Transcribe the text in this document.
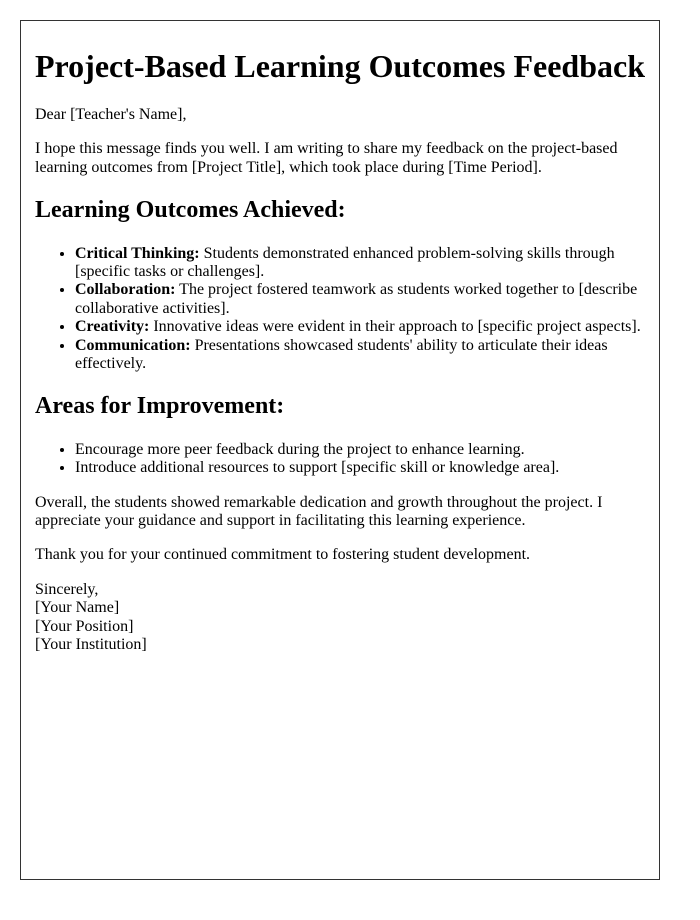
Project-Based Learning Outcomes Feedback

Dear [Teacher's Name],

I hope this message finds you well. I am writing to share my feedback on the project-based learning outcomes from [Project Title], which took place during [Time Period].

Learning Outcomes Achieved:
• Critical Thinking: Students demonstrated enhanced problem-solving skills through [specific tasks or challenges].
• Collaboration: The project fostered teamwork as students worked together to [describe collaborative activities].
• Creativity: Innovative ideas were evident in their approach to [specific project aspects].
• Communication: Presentations showcased students' ability to articulate their ideas effectively.
Areas for Improvement:
• Encourage more peer feedback during the project to enhance learning.
• Introduce additional resources to support [specific skill or knowledge area].

Overall, the students showed remarkable dedication and growth throughout the project. I appreciate your guidance and support in facilitating this learning experience.

Thank you for your continued commitment to fostering student development.

Sincerely,
[Your Name]
[Your Position]
[Your Institution]
